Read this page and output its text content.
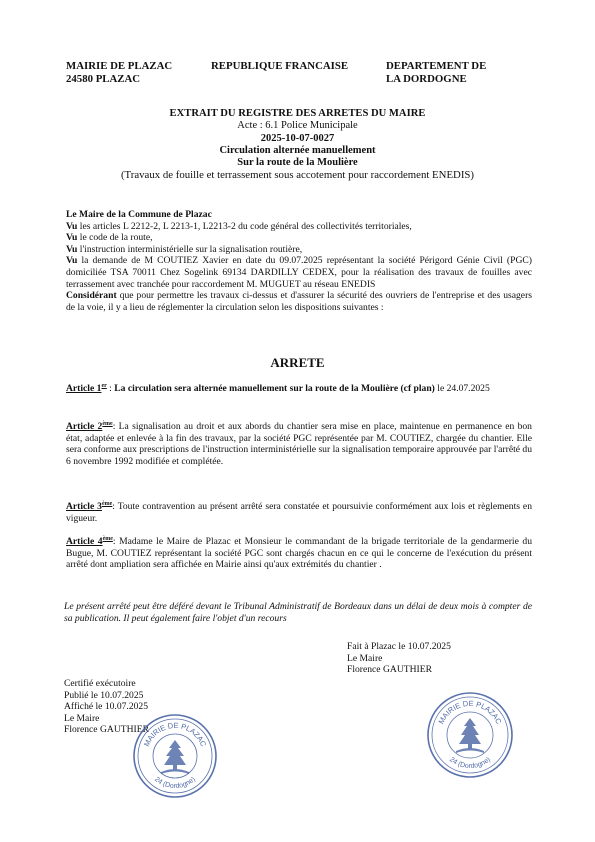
MAIRIE DE PLAZAC
24580 PLAZAC
REPUBLIQUE FRANCAISE	DEPARTEMENT DE
LA DORDOGNE
EXTRAIT DU REGISTRE DES ARRETES DU MAIRE
Acte : 6.1 Police Municipale
2025-10-07-0027
Circulation alternée manuellement
Sur la route de la Moulière
(Travaux de fouille et terrassement sous accotement pour raccordement ENEDIS)
Le Maire de la Commune de Plazac
Vu les articles L 2212-2, L 2213-1, L2213-2 du code général des collectivités territoriales,
Vu le code de la route,
Vu l'instruction interministérielle sur la signalisation routière,
Vu la demande de M COUTIEZ Xavier en date du 09.07.2025 représentant la société Périgord Génie Civil (PGC) domiciliée TSA 70011 Chez Sogelink 69134 DARDILLY CEDEX, pour la réalisation des travaux de fouilles avec terrassement avec tranchée pour raccordement M. MUGUET au réseau ENEDIS
Considérant que pour permettre les travaux ci-dessus et d'assurer la sécurité des ouvriers de l'entreprise et des usagers de la voie, il y a lieu de réglementer la circulation selon les dispositions suivantes :
ARRETE
Article 1er : La circulation sera alternée manuellement sur la route de la Moulière (cf plan) le 24.07.2025
Article 2ème: La signalisation au droit et aux abords du chantier sera mise en place, maintenue en permanence en bon état, adaptée et enlevée à la fin des travaux, par la société PGC représentée par M. COUTIEZ, chargée du chantier. Elle sera conforme aux prescriptions de l'instruction interministérielle sur la signalisation temporaire approuvée par l'arrêté du 6 novembre 1992 modifiée et complétée.
Article 3ème: Toute contravention au présent arrêté sera constatée et poursuivie conformément aux lois et règlements en vigueur.
Article 4ème: Madame le Maire de Plazac et Monsieur le commandant de la brigade territoriale de la gendarmerie du Bugue, M. COUTIEZ représentant la société PGC sont chargés chacun en ce qui le concerne de l'exécution du présent arrêté dont ampliation sera affichée en Mairie ainsi qu'aux extrémités du chantier .
Le présent arrêté peut être déféré devant le Tribunal Administratif de Bordeaux dans un délai de deux mois à compter de sa publication. Il peut également faire l'objet d'un recours
Fait à Plazac le 10.07.2025
Le Maire
Florence GAUTHIER
Certifié exécutoire
Publié le 10.07.2025
Affiché le 10.07.2025
Le Maire
Florence GAUTHIER
MAIRIE DE PLAZAC
24 (Dordogne)
MAIRIE DE PLAZAC
24 (Dordogne)
